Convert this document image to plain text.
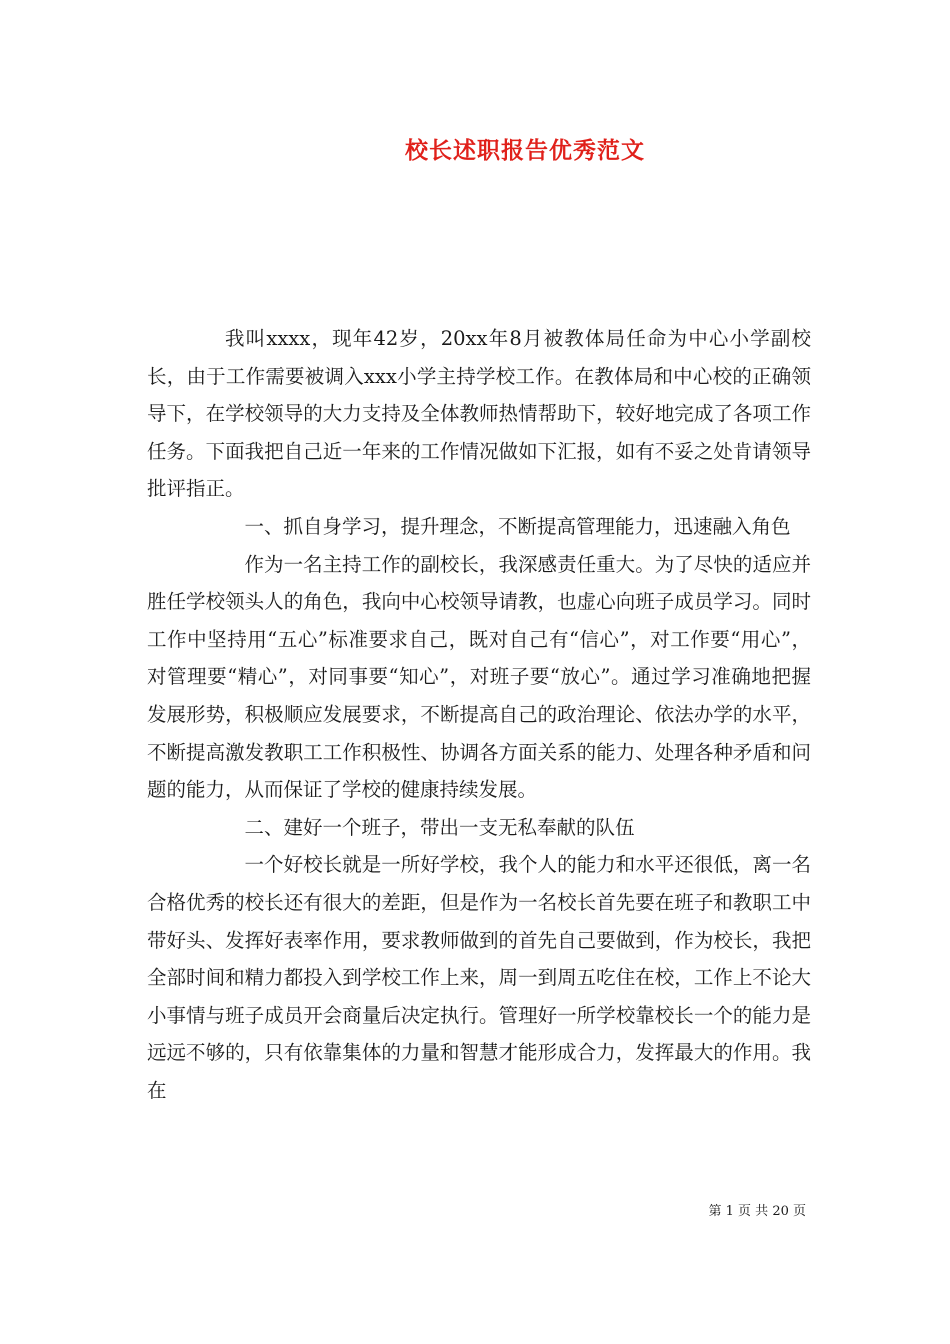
校长述职报告优秀范文

我叫xxxx，现年42岁，20xx年8月被教体局任命为中心小学副校长，由于工作需要被调入xxx小学主持学校工作。在教体局和中心校的正确领导下，在学校领导的大力支持及全体教师热情帮助下，较好地完成了各项工作任务。下面我把自己近一年来的工作情况做如下汇报，如有不妥之处肯请领导批评指正。

一、抓自身学习，提升理念，不断提高管理能力，迅速融入角色

作为一名主持工作的副校长，我深感责任重大。为了尽快的适应并胜任学校领头人的角色，我向中心校领导请教，也虚心向班子成员学习。同时工作中坚持用“五心”标准要求自己，既对自己有“信心”，对工作要“用心”，对管理要“精心”，对同事要“知心”，对班子要“放心”。通过学习准确地把握发展形势，积极顺应发展要求，不断提高自己的政治理论、依法办学的水平，不断提高激发教职工工作积极性、协调各方面关系的能力、处理各种矛盾和问题的能力，从而保证了学校的健康持续发展。

二、建好一个班子，带出一支无私奉献的队伍

一个好校长就是一所好学校，我个人的能力和水平还很低，离一名合格优秀的校长还有很大的差距，但是作为一名校长首先要在班子和教职工中带好头、发挥好表率作用，要求教师做到的首先自己要做到，作为校长，我把全部时间和精力都投入到学校工作上来，周一到周五吃住在校，工作上不论大小事情与班子成员开会商量后决定执行。管理好一所学校靠校长一个的能力是远远不够的，只有依靠集体的力量和智慧才能形成合力，发挥最大的作用。我在

第 1 页 共 20 页
